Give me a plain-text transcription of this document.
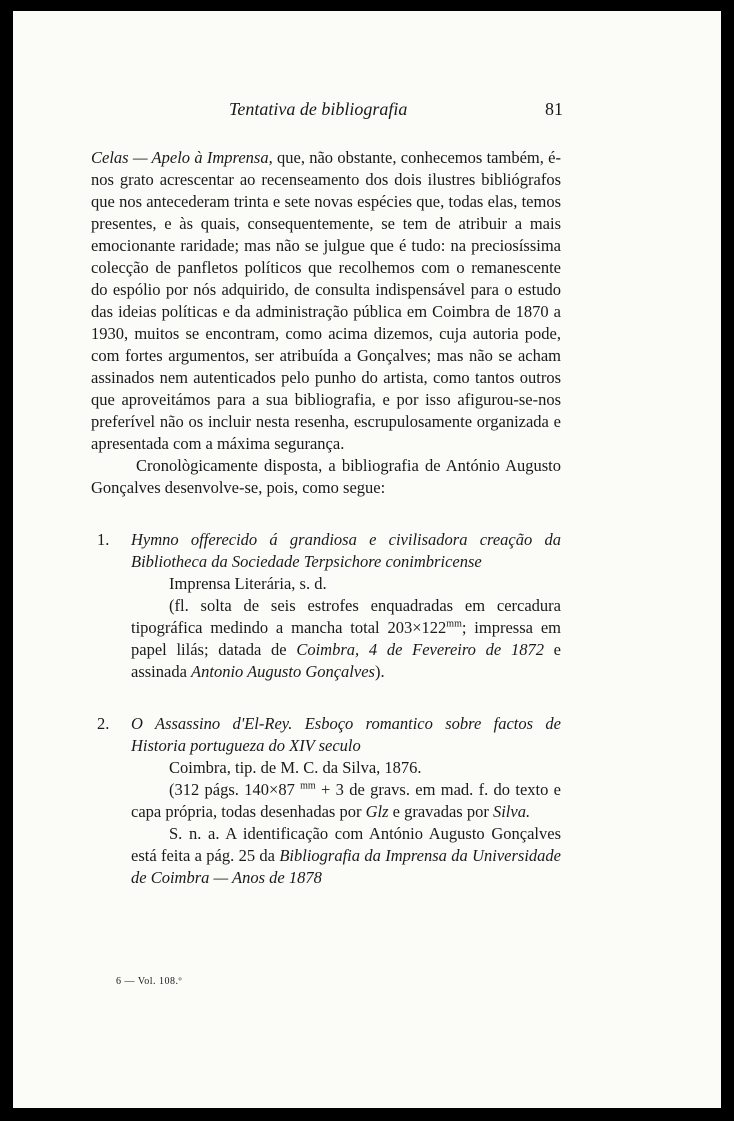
Tentativa de bibliografia	81

Celas — Apelo à Imprensa, que, não obstante, conhecemos também, é-nos grato acrescentar ao recenseamento dos dois ilustres bibliógrafos que nos antecederam trinta e sete novas espécies que, todas elas, temos presentes, e às quais, consequentemente, se tem de atribuir a mais emocionante raridade; mas não se julgue que é tudo: na preciosíssima colecção de panfletos políticos que recolhemos com o remanescente do espólio por nós adquirido, de consulta indispensável para o estudo das ideias políticas e da administração pública em Coimbra de 1870 a 1930, muitos se encontram, como acima dizemos, cuja autoria pode, com fortes argumentos, ser atribuída a Gonçalves; mas não se acham assinados nem autenticados pelo punho do artista, como tantos outros que aproveitámos para a sua bibliografia, e por isso afigurou-se-nos preferível não os incluir nesta resenha, escrupulosamente organizada e apresentada com a máxima segurança.

Cronològicamente disposta, a bibliografia de António Augusto Gonçalves desenvolve-se, pois, como segue:

1. Hymno offerecido á grandiosa e civilisadora creação da Bibliotheca da Sociedade Terpsichore conimbricense

Imprensa Literária, s. d.

(fl. solta de seis estrofes enquadradas em cercadura tipográfica medindo a mancha total $203\times 122^{mm}$; impressa em papel lilás; datada de Coimbra, 4 de Fevereiro de 1872 e assinada Antonio Augusto Gonçalves).

2. O Assassino d'El-Rey. Esboço romantico sobre factos de Historia portugueza do XIV seculo

Coimbra, tip. de M. C. da Silva, 1876.

(312 págs. 140×87 $^{mm}$ + 3 de gravs. em mad. f. do texto e capa própria, todas desenhadas por Glz e gravadas por Silva.

S. n. a. A identificação com António Augusto Gonçalves está feita a pág. 25 da Bibliografia da Imprensa da Universidade de Coimbra — Anos de 1878

6 — Vol. 108.º
